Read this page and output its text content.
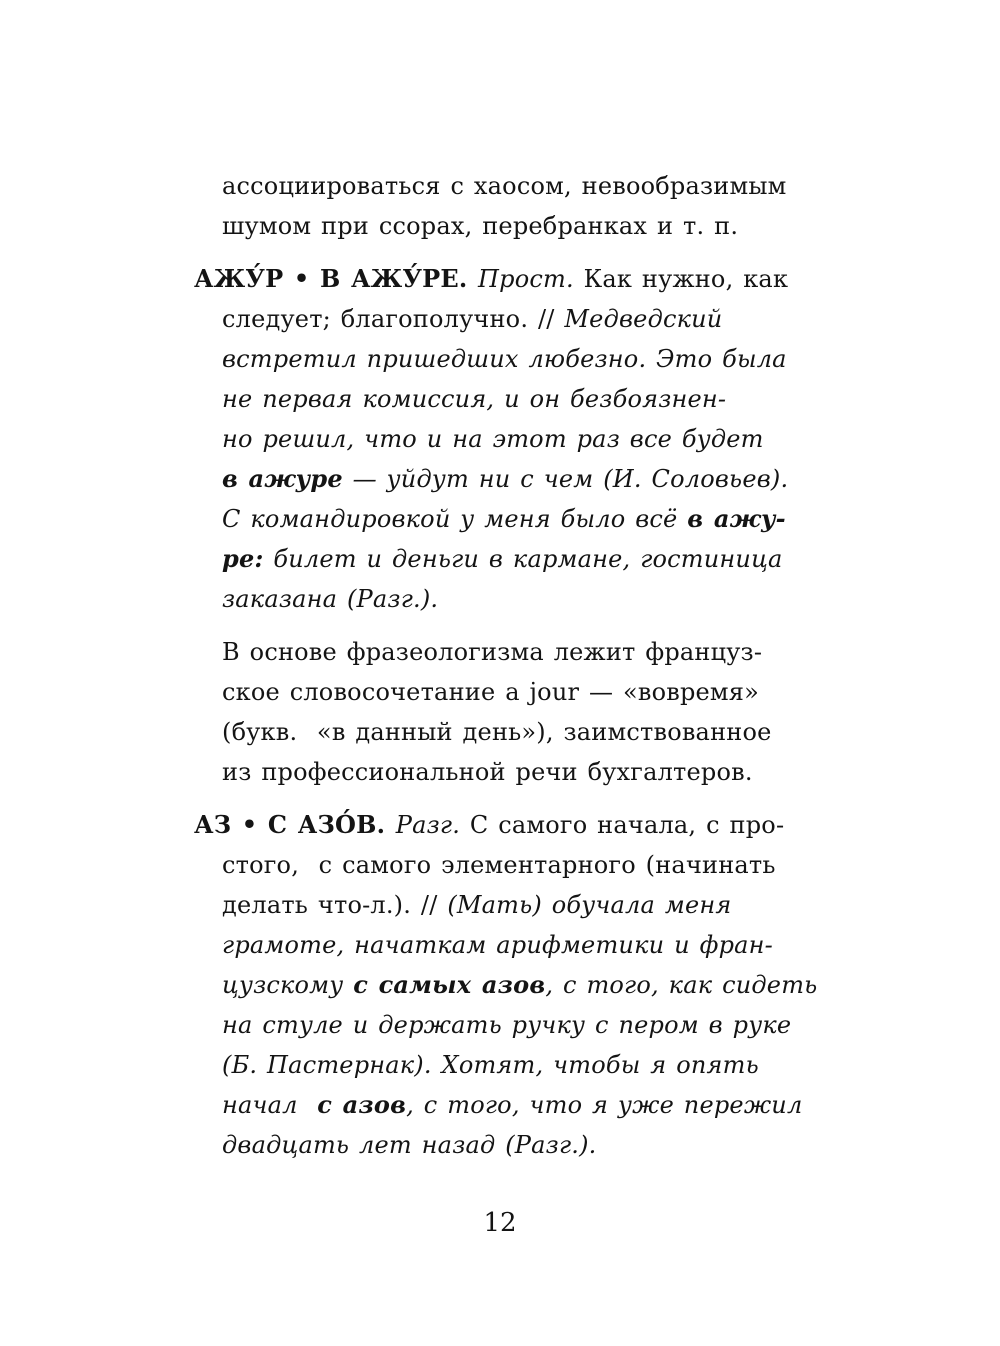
ассоциироваться с хаосом, невообразимым
шумом при ссорах, перебранках и т. п.
АЖУ́Р • В АЖУ́РЕ. Прост. Как нужно, как
следует; благополучно. // Медведский
встретил пришедших любезно. Это была
не первая комиссия, и он безбоязнен-
но решил, что и на этот раз все будет
в ажуре — уйдут ни с чем (И. Соловьев).
С командировкой у меня было всё в ажу-
ре: билет и деньги в кармане, гостиница
заказана (Разг.).
В основе фразеологизма лежит француз-
ское словосочетание a jour — «вовремя»
(букв.  «в данный день»), заимствованное
из профессиональной речи бухгалтеров.
АЗ • С АЗО́В. Разг. С самого начала, с про-
стого,  с самого элементарного (начинать
делать что-л.). // (Мать) обучала меня
грамоте, начаткам арифметики и фран-
цузскому с самых азов, с того, как сидеть
на стуле и держать ручку с пером в руке
(Б. Пастернак). Хотят, чтобы я опять
начал  с азов, с того, что я уже пережил
двадцать лет назад (Разг.).
12
